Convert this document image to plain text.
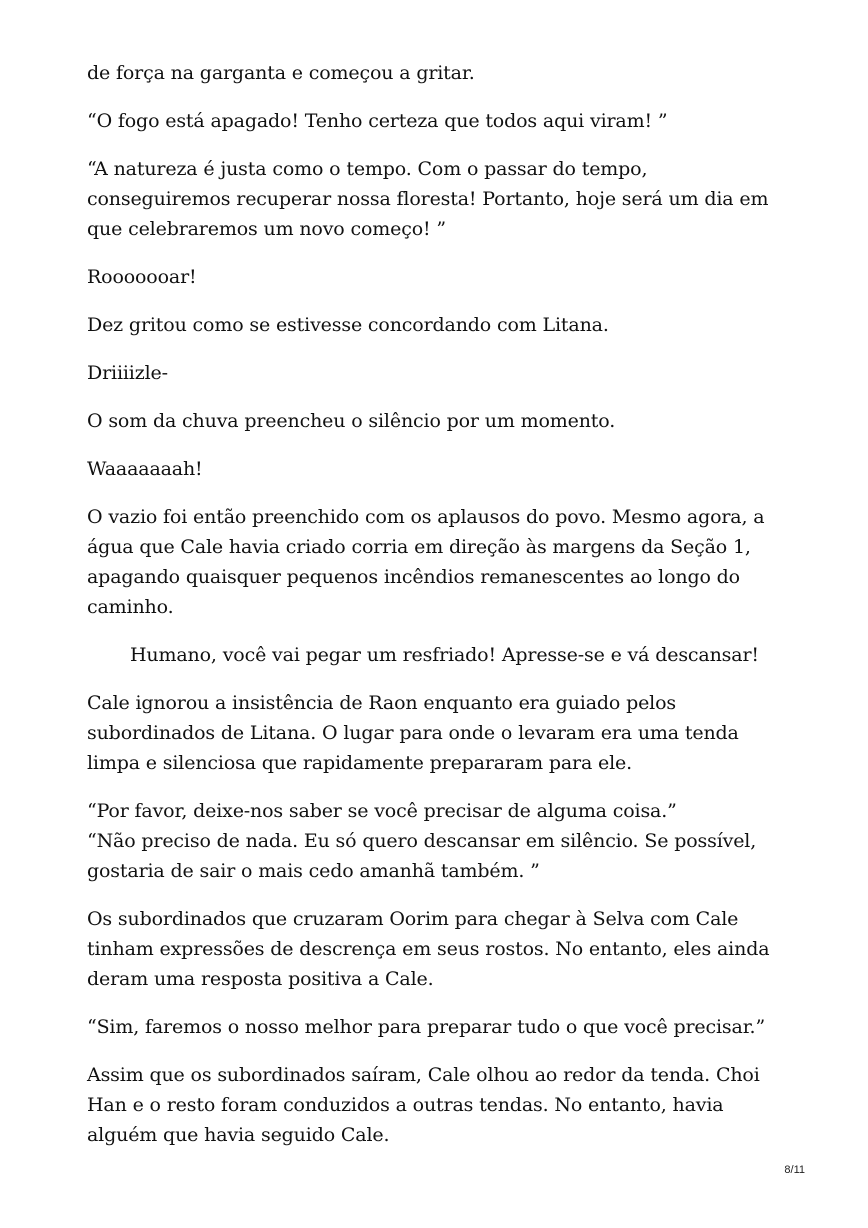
de força na garganta e começou a gritar.

“O fogo está apagado! Tenho certeza que todos aqui viram! ”

“A natureza é justa como o tempo. Com o passar do tempo,
conseguiremos recuperar nossa floresta! Portanto, hoje será um dia em
que celebraremos um novo começo! ”

Rooooooar!

Dez gritou como se estivesse concordando com Litana.

Driiiizle-

O som da chuva preencheu o silêncio por um momento.

Waaaaaaah!

O vazio foi então preenchido com os aplausos do povo. Mesmo agora, a
água que Cale havia criado corria em direção às margens da Seção 1,
apagando quaisquer pequenos incêndios remanescentes ao longo do
caminho.

Humano, você vai pegar um resfriado! Apresse-se e vá descansar!

Cale ignorou a insistência de Raon enquanto era guiado pelos
subordinados de Litana. O lugar para onde o levaram era uma tenda
limpa e silenciosa que rapidamente prepararam para ele.

“Por favor, deixe-nos saber se você precisar de alguma coisa.”
“Não preciso de nada. Eu só quero descansar em silêncio. Se possível,
gostaria de sair o mais cedo amanhã também. ”

Os subordinados que cruzaram Oorim para chegar à Selva com Cale
tinham expressões de descrença em seus rostos. No entanto, eles ainda
deram uma resposta positiva a Cale.

“Sim, faremos o nosso melhor para preparar tudo o que você precisar.”

Assim que os subordinados saíram, Cale olhou ao redor da tenda. Choi
Han e o resto foram conduzidos a outras tendas. No entanto, havia
alguém que havia seguido Cale.

8/11
